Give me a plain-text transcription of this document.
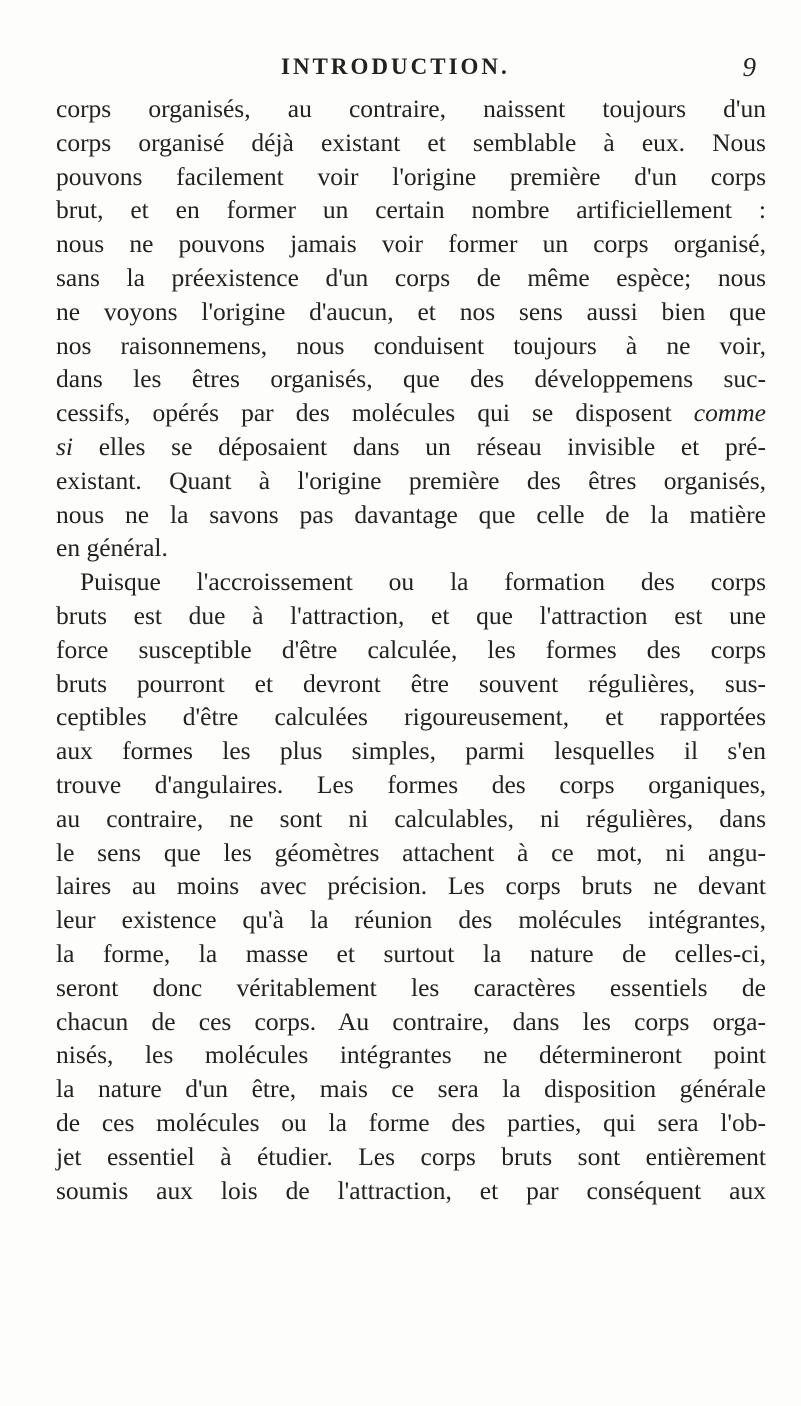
INTRODUCTION.	9
corps organisés, au contraire, naissent toujours d'un
corps organisé déjà existant et semblable à eux. Nous
pouvons facilement voir l'origine première d'un corps
brut, et en former un certain nombre artificiellement :
nous ne pouvons jamais voir former un corps organisé,
sans la préexistence d'un corps de même espèce; nous
ne voyons l'origine d'aucun, et nos sens aussi bien que
nos raisonnemens, nous conduisent toujours à ne voir,
dans les êtres organisés, que des développemens suc-
cessifs, opérés par des molécules qui se disposent comme
si elles se déposaient dans un réseau invisible et pré-
existant. Quant à l'origine première des êtres organisés,
nous ne la savons pas davantage que celle de la matière
en général.
Puisque l'accroissement ou la formation des corps
bruts est due à l'attraction, et que l'attraction est une
force susceptible d'être calculée, les formes des corps
bruts pourront et devront être souvent régulières, sus-
ceptibles d'être calculées rigoureusement, et rapportées
aux formes les plus simples, parmi lesquelles il s'en
trouve d'angulaires. Les formes des corps organiques,
au contraire, ne sont ni calculables, ni régulières, dans
le sens que les géomètres attachent à ce mot, ni angu-
laires au moins avec précision. Les corps bruts ne devant
leur existence qu'à la réunion des molécules intégrantes,
la forme, la masse et surtout la nature de celles-ci,
seront donc véritablement les caractères essentiels de
chacun de ces corps. Au contraire, dans les corps orga-
nisés, les molécules intégrantes ne détermineront point
la nature d'un être, mais ce sera la disposition générale
de ces molécules ou la forme des parties, qui sera l'ob-
jet essentiel à étudier. Les corps bruts sont entièrement
soumis aux lois de l'attraction, et par conséquent aux
